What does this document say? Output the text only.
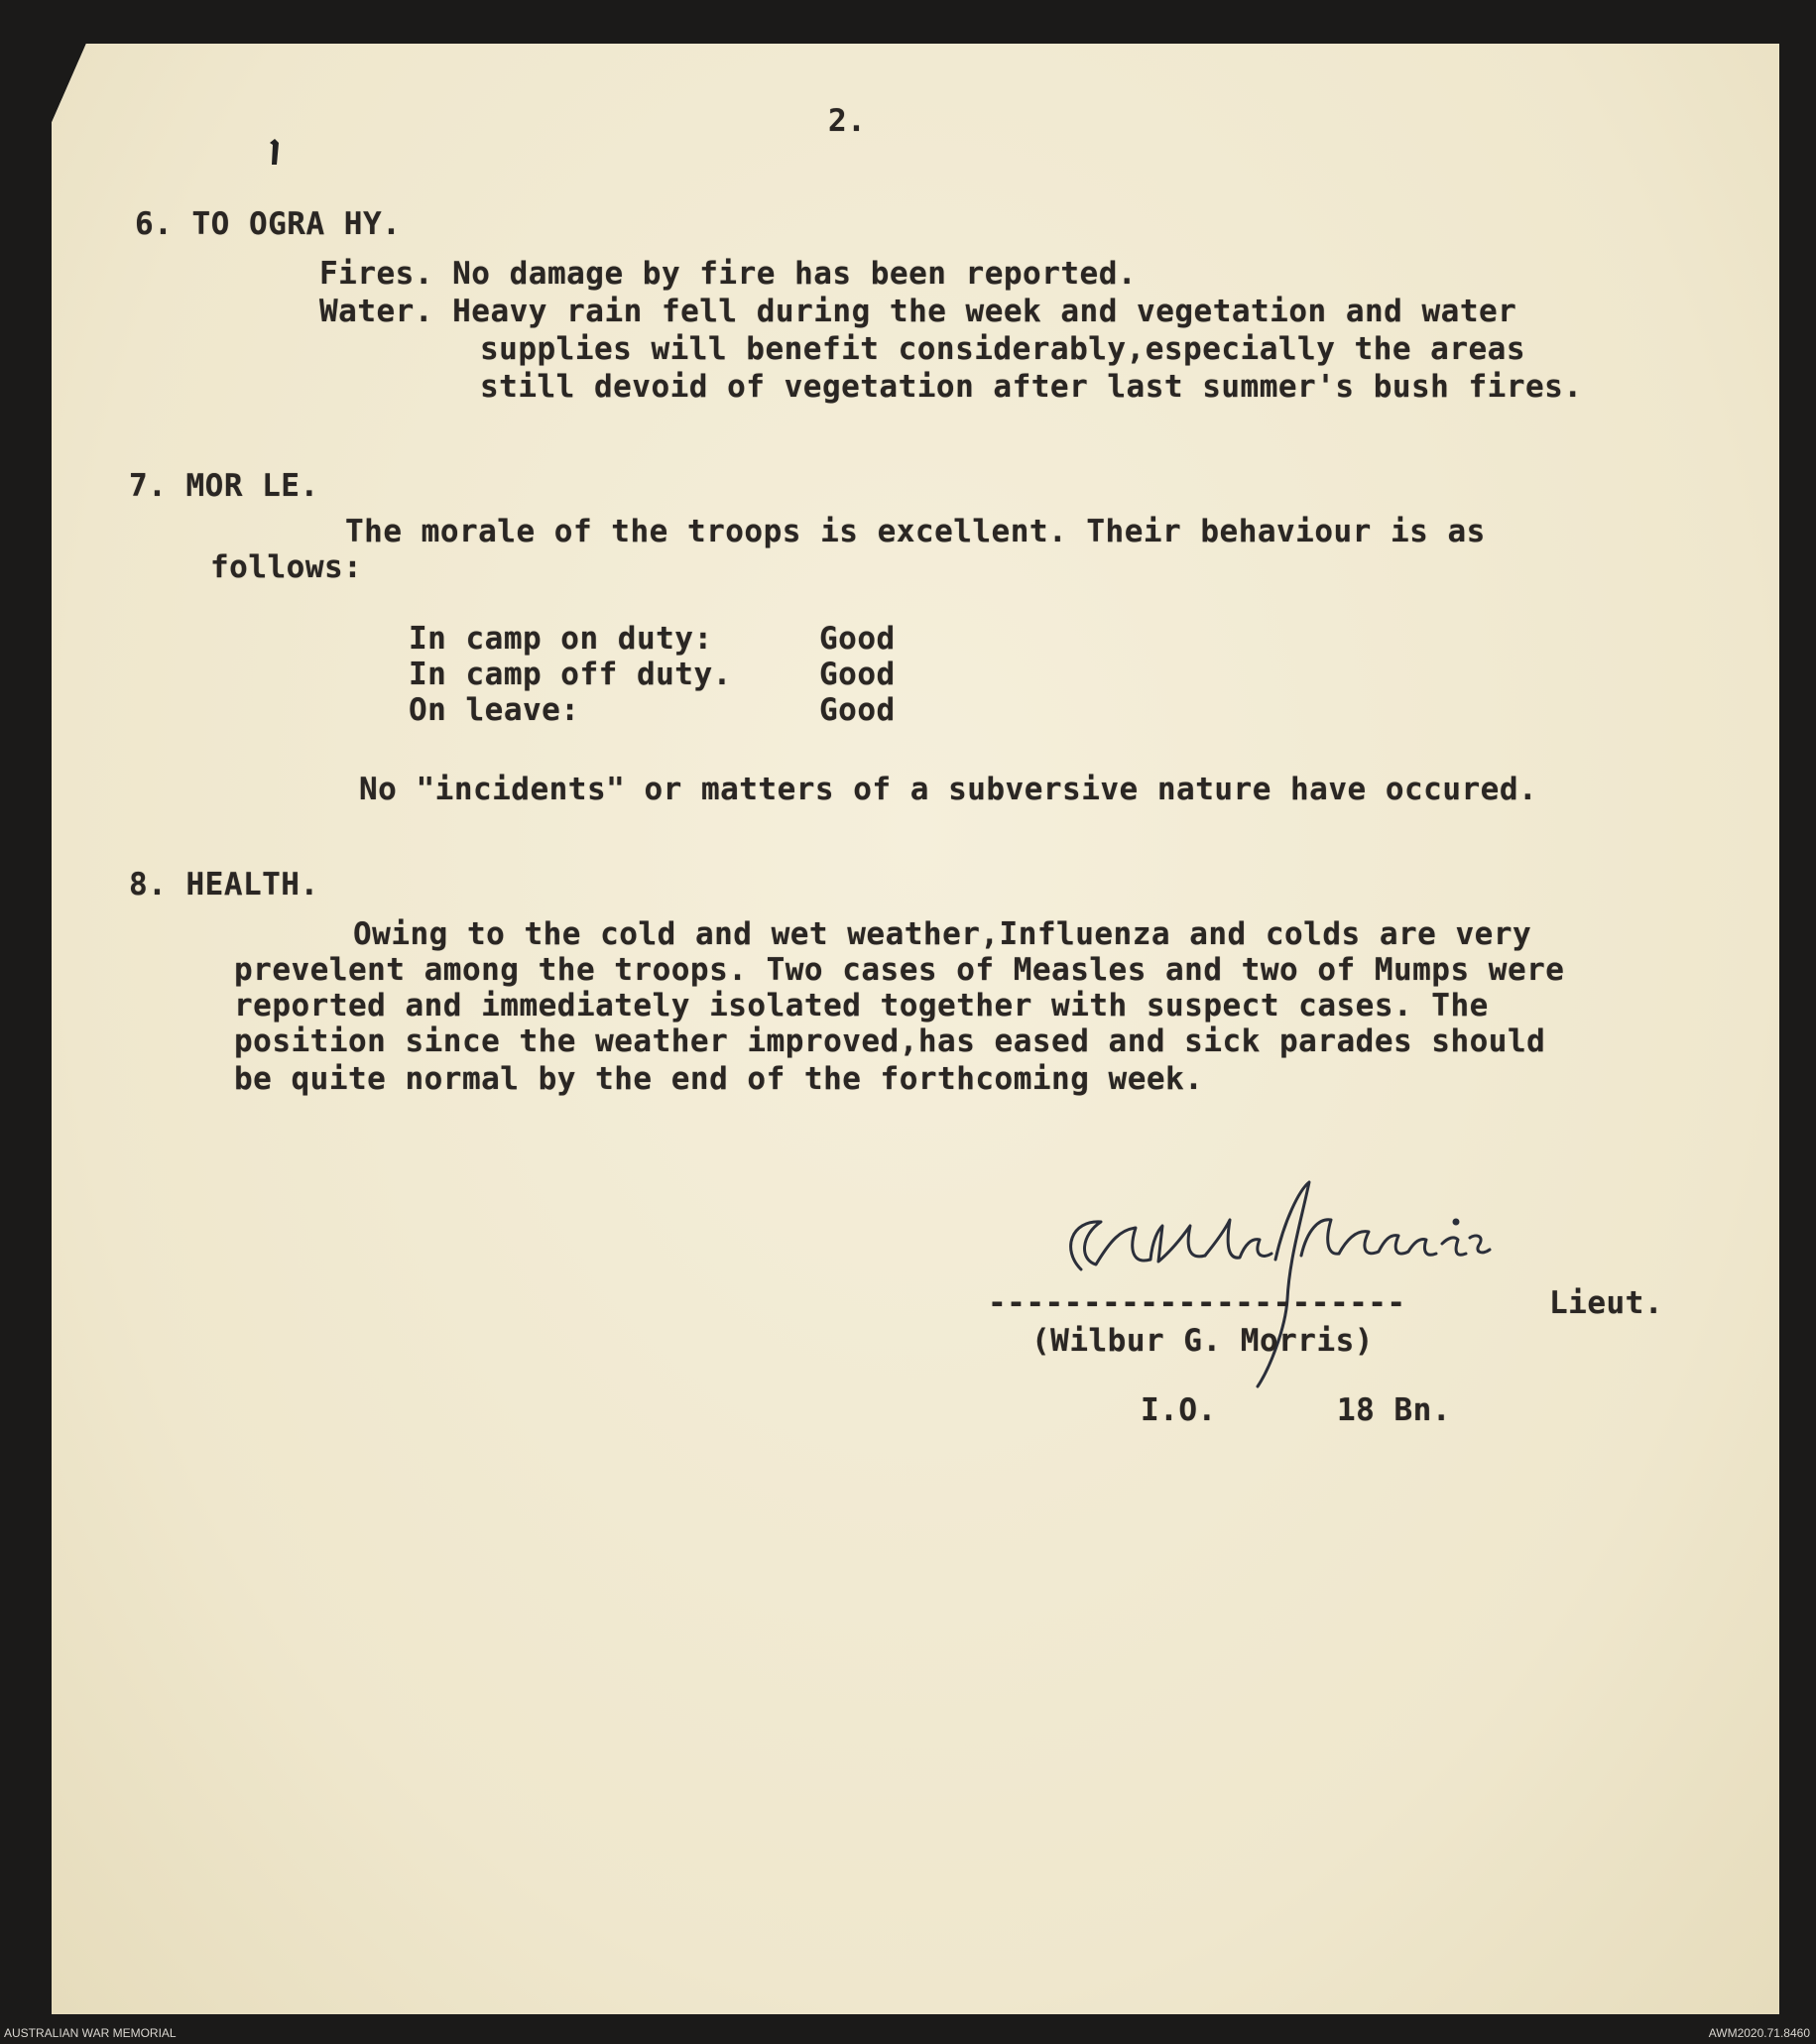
2.

6. TO OGRA HY.

Fires. No damage by fire has been reported.

Water. Heavy rain fell during the week and vegetation and water

supplies will benefit considerably,especially the areas

still devoid of vegetation after last summer's bush fires.

7. MOR LE.

The morale of the troops is excellent. Their behaviour is as

follows:

In camp on duty:	Good

In camp off duty.	Good

On leave:	Good

No "incidents" or matters of a subversive nature have occured.

8. HEALTH.

Owing to the cold and wet weather,Influenza and colds are very

prevelent among the troops. Two cases of Measles and two of Mumps were

reported and immediately isolated together with suspect cases. The

position since the weather improved,has eased and sick parades should

be quite normal by the end of the forthcoming week.

----------------------	Lieut.

(Wilbur G. Morris)

I.O.	18 Bn.

AUSTRALIAN WAR MEMORIAL	AWM2020.71.8460
